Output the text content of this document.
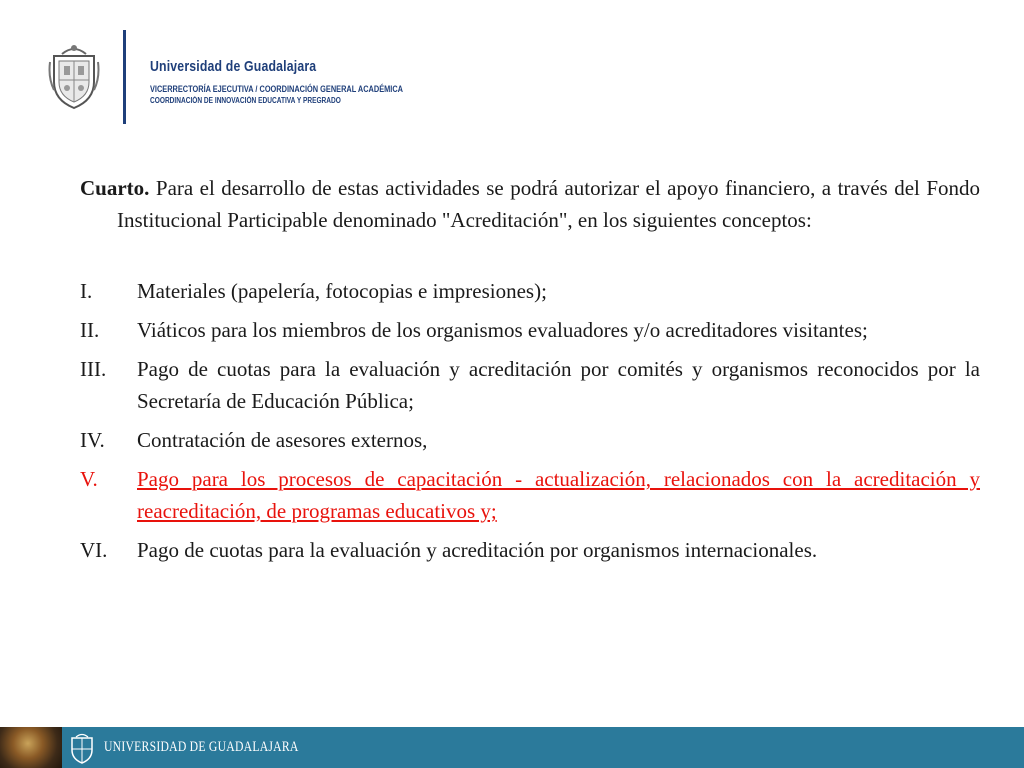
Universidad de Guadalajara
VICERRECTORÍA EJECUTIVA / COORDINACIÓN GENERAL ACADÉMICA
COORDINACIÓN DE INNOVACIÓN EDUCATIVA Y PREGRADO

Cuarto. Para el desarrollo de estas actividades se podrá autorizar el apoyo financiero, a través del Fondo Institucional Participable denominado "Acreditación", en los siguientes conceptos:

I. Materiales (papelería, fotocopias e impresiones);
II. Viáticos para los miembros de los organismos evaluadores y/o acreditadores visitantes;
III. Pago de cuotas para la evaluación y acreditación por comités y organismos reconocidos por la Secretaría de Educación Pública;
IV. Contratación de asesores externos,
V. Pago para los procesos de capacitación - actualización, relacionados con la acreditación y reacreditación, de programas educativos y;
VI. Pago de cuotas para la evaluación y acreditación por organismos internacionales.
UNIVERSIDAD DE GUADALAJARA
